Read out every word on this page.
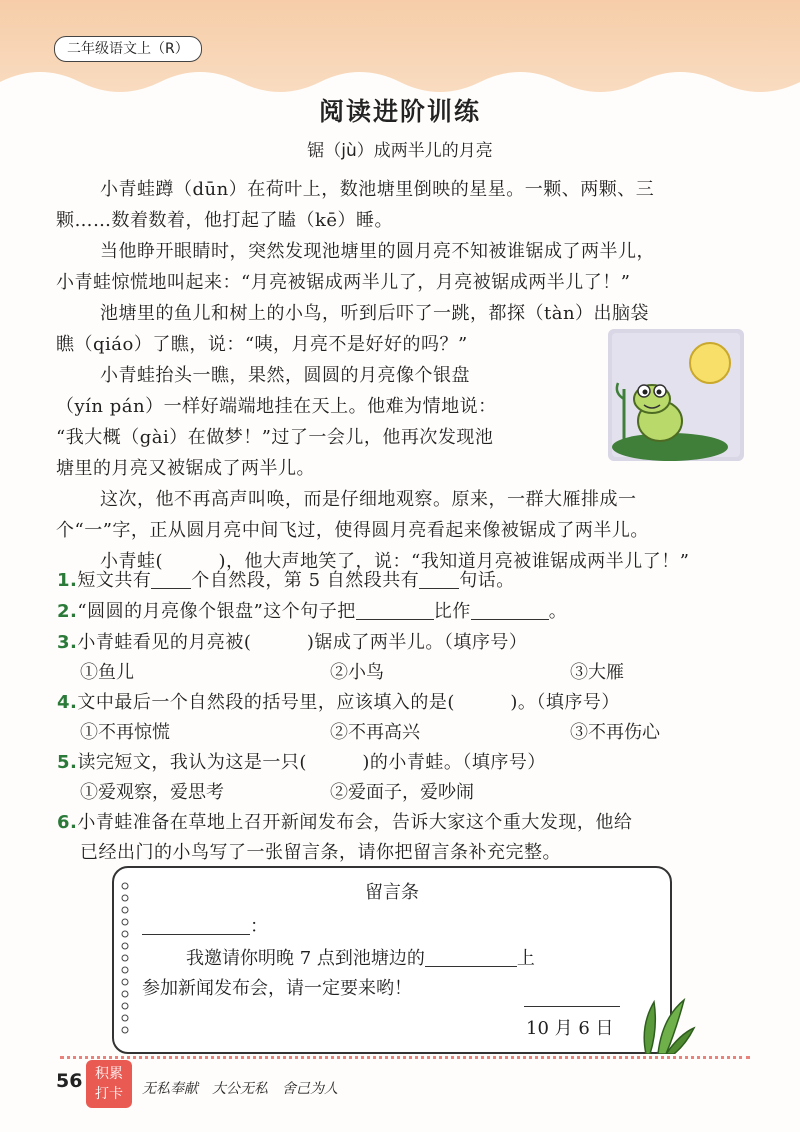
二年级语文上（R）
阅读进阶训练
锯（jù）成两半儿的月亮

小青蛙蹲（dūn）在荷叶上，数池塘里倒映的星星。一颗、两颗、三

颗……数着数着，他打起了瞌（kē）睡。

当他睁开眼睛时，突然发现池塘里的圆月亮不知被谁锯成了两半儿，

小青蛙惊慌地叫起来：“月亮被锯成两半儿了，月亮被锯成两半儿了！”

池塘里的鱼儿和树上的小鸟，听到后吓了一跳，都探（tàn）出脑袋

瞧（qiáo）了瞧，说：“咦，月亮不是好好的吗？”

小青蛙抬头一瞧，果然，圆圆的月亮像个银盘

（yín pán）一样好端端地挂在天上。他难为情地说：

“我大概（gài）在做梦！”过了一会儿，他再次发现池

塘里的月亮又被锯成了两半儿。

这次，他不再高声叫唤，而是仔细地观察。原来，一群大雁排成一

个“一”字，正从圆月亮中间飞过，使得圆月亮看起来像被锯成了两半儿。

小青蛙(　　　)，他大声地笑了，说：“我知道月亮被谁锯成两半儿了！”

1.短文共有 个自然段，第 5 自然段共有 句话。
2.“圆圆的月亮像个银盘”这个句子把	比作	。
3.小青蛙看见的月亮被(　　　)锯成了两半儿。（填序号）
①鱼儿	②小鸟	③大雁
4.文中最后一个自然段的括号里，应该填入的是(　　　)。（填序号）
①不再惊慌	②不再高兴	③不再伤心
5.读完短文，我认为这是一只(　　　)的小青蛙。（填序号）
①爱观察，爱思考	②爱面子，爱吵闹
6.小青蛙准备在草地上召开新闻发布会，告诉大家这个重大发现，他给
已经出门的小鸟写了一张留言条，请你把留言条补充完整。
留言条
：
我邀请你明晚 7 点到池塘边的	上
参加新闻发布会，请一定要来哟！
10 月 6 日
56 积累
打卡	无私奉献　大公无私　舍己为人
